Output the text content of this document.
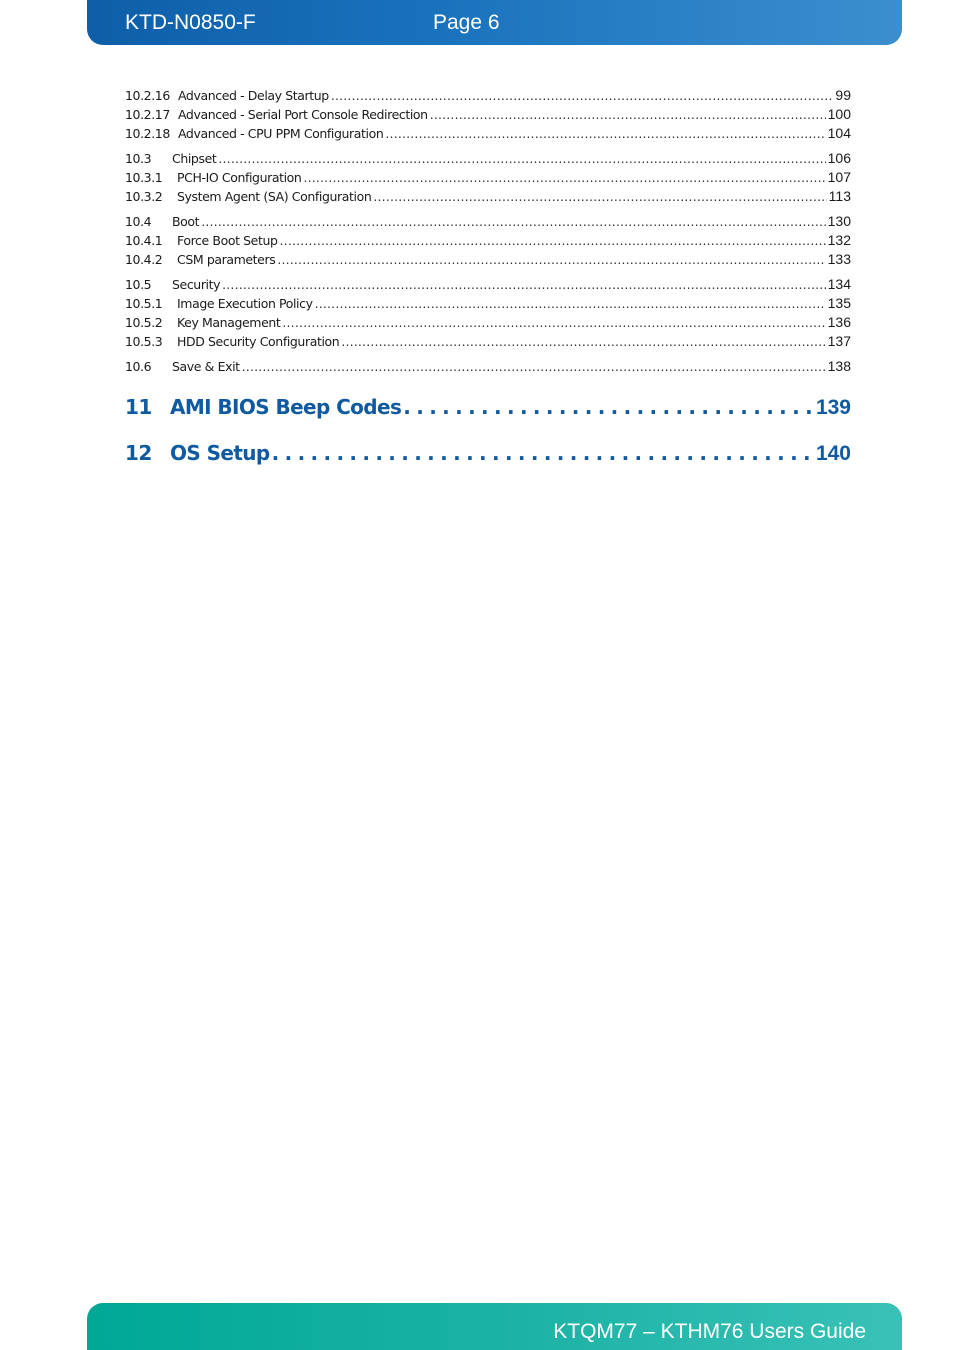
KTD-N0850-F	Page 6
10.2.16 Advanced - Delay Startup . . .	99
10.2.17 Advanced - Serial Port Console Redirection . . .	100
10.2.18 Advanced - CPU PPM Configuration . . .	104
10.3	Chipset . . .	106
10.3.1	PCH-IO Configuration . . .	107
10.3.2	System Agent (SA) Configuration . . .	113
10.4	Boot . . .	130
10.4.1	Force Boot Setup . . .	132
10.4.2	CSM parameters . . .	133
10.5	Security . . .	134
10.5.1	Image Execution Policy . . .	135
10.5.2	Key Management . . .	136
10.5.3	HDD Security Configuration . . .	137
10.6	Save & Exit . . .	138
11 AMI BIOS Beep Codes . . .	139
12 OS Setup . . .	140
KTQM77 – KTHM76 Users Guide
